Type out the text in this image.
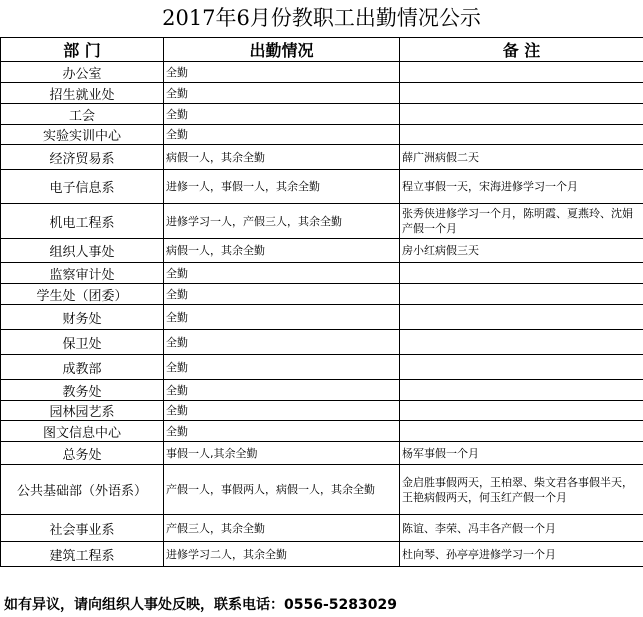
2017年6月份教职工出勤情况公示
部 门	出勤情况	备 注
办公室	全勤	
招生就业处	全勤	
工会	全勤	
实验实训中心	全勤	
经济贸易系	病假一人，其余全勤	薛广洲病假二天
电子信息系	进修一人，事假一人，其余全勤	程立事假一天，宋海进修学习一个月
机电工程系	进修学习一人，产假三人，其余全勤	张秀侠进修学习一个月，陈明霞、夏燕玲、沈娟产假一个月
组织人事处	病假一人，其余全勤	房小红病假三天
监察审计处	全勤	
学生处（团委）	全勤	
财务处	全勤	
保卫处	全勤	
成教部	全勤	
教务处	全勤	
园林园艺系	全勤	
图文信息中心	全勤	
总务处	事假一人,其余全勤	杨军事假一个月
公共基础部（外语系）	产假一人，事假两人，病假一人，其余全勤	金启胜事假两天，王柏翠、柴文君各事假半天，王艳病假两天，何玉红产假一个月
社会事业系	产假三人，其余全勤	陈谊、李荣、冯丰各产假一个月
建筑工程系	进修学习二人，其余全勤	杜向琴、孙亭亭进修学习一个月
如有异议，请向组织人事处反映，联系电话：0556-5283029
